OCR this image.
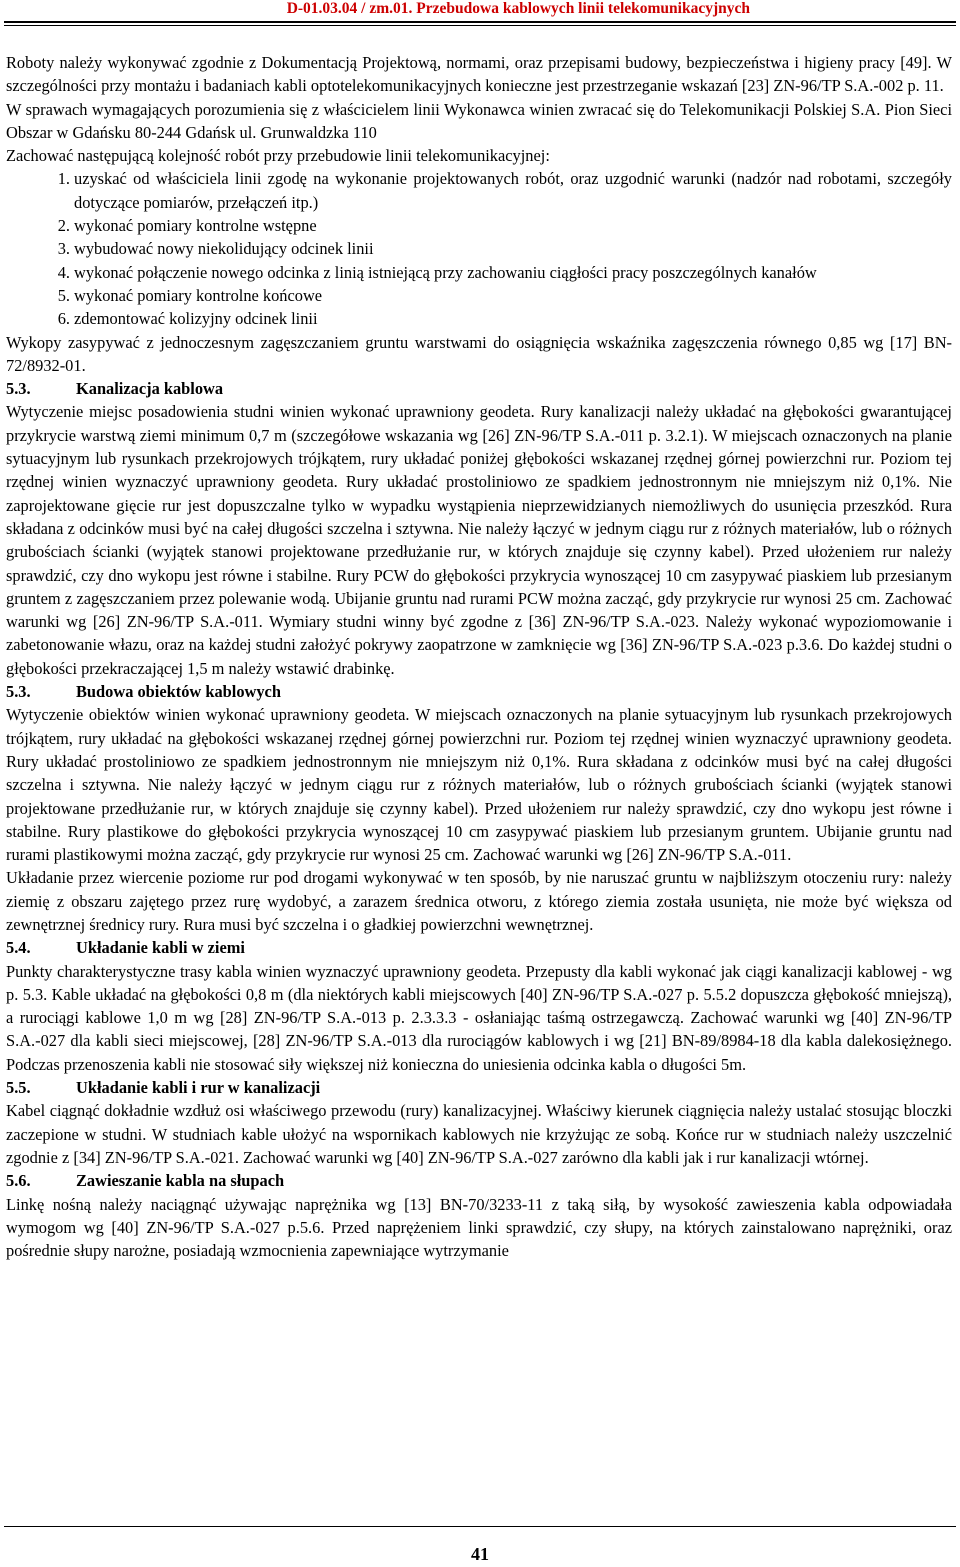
D-01.03.04 / zm.01. Przebudowa kablowych linii telekomunikacyjnych

Roboty należy wykonywać zgodnie z Dokumentacją Projektową, normami, oraz przepisami budowy, bezpieczeństwa i higieny pracy [49]. W szczególności przy montażu i badaniach kabli optotelekomunikacyjnych konieczne jest przestrzeganie wskazań [23] ZN-96/TP S.A.-002 p. 11.

W sprawach wymagających porozumienia się z właścicielem linii Wykonawca winien zwracać się do Telekomunikacji Polskiej S.A. Pion Sieci Obszar w Gdańsku 80-244 Gdańsk ul. Grunwaldzka 110

Zachować następującą kolejność robót przy przebudowie linii telekomunikacyjnej:

1. uzyskać od właściciela linii zgodę na wykonanie projektowanych robót, oraz uzgodnić warunki (nadzór nad robotami, szczegóły dotyczące pomiarów, przełączeń itp.)
2. wykonać pomiary kontrolne wstępne
3. wybudować nowy niekolidujący odcinek linii
4. wykonać połączenie nowego odcinka z linią istniejącą przy zachowaniu ciągłości pracy poszczególnych kanałów
5. wykonać pomiary kontrolne końcowe
6. zdemontować kolizyjny odcinek linii

Wykopy zasypywać z jednoczesnym zagęszczaniem gruntu warstwami do osiągnięcia wskaźnika zagęszczenia równego 0,85 wg [17] BN-72/8932-01.

5.3.	Kanalizacja kablowa

Wytyczenie miejsc posadowienia studni winien wykonać uprawniony geodeta. Rury kanalizacji należy układać na głębokości gwarantującej przykrycie warstwą ziemi minimum 0,7 m (szczegółowe wskazania wg [26] ZN-96/TP S.A.-011 p. 3.2.1). W miejscach oznaczonych na planie sytuacyjnym lub rysunkach przekrojowych trójkątem, rury układać poniżej głębokości wskazanej rzędnej górnej powierzchni rur. Poziom tej rzędnej winien wyznaczyć uprawniony geodeta. Rury układać prostoliniowo ze spadkiem jednostronnym nie mniejszym niż 0,1%. Nie zaprojektowane gięcie rur jest dopuszczalne tylko w wypadku wystąpienia nieprzewidzianych niemożliwych do usunięcia przeszkód. Rura składana z odcinków musi być na całej długości szczelna i sztywna. Nie należy łączyć w jednym ciągu rur z różnych materiałów, lub o różnych grubościach ścianki (wyjątek stanowi projektowane przedłużanie rur, w których znajduje się czynny kabel). Przed ułożeniem rur należy sprawdzić, czy dno wykopu jest równe i stabilne. Rury PCW do głębokości przykrycia wynoszącej 10 cm zasypywać piaskiem lub przesianym gruntem z zagęszczaniem przez polewanie wodą. Ubijanie gruntu nad rurami PCW można zacząć, gdy przykrycie rur wynosi 25 cm. Zachować warunki wg [26] ZN-96/TP S.A.-011. Wymiary studni winny być zgodne z [36] ZN-96/TP S.A.-023. Należy wykonać wypoziomowanie i zabetonowanie włazu, oraz na każdej studni założyć pokrywy zaopatrzone w zamknięcie wg [36] ZN-96/TP S.A.-023 p.3.6. Do każdej studni o głębokości przekraczającej 1,5 m należy wstawić drabinkę.

5.3.	Budowa obiektów kablowych

Wytyczenie obiektów winien wykonać uprawniony geodeta. W miejscach oznaczonych na planie sytuacyjnym lub rysunkach przekrojowych trójkątem, rury układać na głębokości wskazanej rzędnej górnej powierzchni rur. Poziom tej rzędnej winien wyznaczyć uprawniony geodeta. Rury układać prostoliniowo ze spadkiem jednostronnym nie mniejszym niż 0,1%. Rura składana z odcinków musi być na całej długości szczelna i sztywna. Nie należy łączyć w jednym ciągu rur z różnych materiałów, lub o różnych grubościach ścianki (wyjątek stanowi projektowane przedłużanie rur, w których znajduje się czynny kabel). Przed ułożeniem rur należy sprawdzić, czy dno wykopu jest równe i stabilne. Rury plastikowe do głębokości przykrycia wynoszącej 10 cm zasypywać piaskiem lub przesianym gruntem. Ubijanie gruntu nad rurami plastikowymi można zacząć, gdy przykrycie rur wynosi 25 cm. Zachować warunki wg [26] ZN-96/TP S.A.-011.

Układanie przez wiercenie poziome rur pod drogami wykonywać w ten sposób, by nie naruszać gruntu w najbliższym otoczeniu rury: należy ziemię z obszaru zajętego przez rurę wydobyć, a zarazem średnica otworu, z którego ziemia została usunięta, nie może być większa od zewnętrznej średnicy rury. Rura musi być szczelna i o gładkiej powierzchni wewnętrznej.

5.4.	Układanie kabli w ziemi

Punkty charakterystyczne trasy kabla winien wyznaczyć uprawniony geodeta. Przepusty dla kabli wykonać jak ciągi kanalizacji kablowej - wg p. 5.3. Kable układać na głębokości 0,8 m (dla niektórych kabli miejscowych [40] ZN-96/TP S.A.-027 p. 5.5.2 dopuszcza głębokość mniejszą), a rurociągi kablowe 1,0 m wg [28] ZN-96/TP S.A.-013 p. 2.3.3.3 - osłaniając taśmą ostrzegawczą. Zachować warunki wg [40] ZN-96/TP S.A.-027 dla kabli sieci miejscowej, [28] ZN-96/TP S.A.-013 dla rurociągów kablowych i wg [21] BN-89/8984-18 dla kabla dalekosiężnego. Podczas przenoszenia kabli nie stosować siły większej niż konieczna do uniesienia odcinka kabla o długości 5m.

5.5.	Układanie kabli i rur w kanalizacji

Kabel ciągnąć dokładnie wzdłuż osi właściwego przewodu (rury) kanalizacyjnej. Właściwy kierunek ciągnięcia należy ustalać stosując bloczki zaczepione w studni. W studniach kable ułożyć na wspornikach kablowych nie krzyżując ze sobą. Końce rur w studniach należy uszczelnić zgodnie z [34] ZN-96/TP S.A.-021. Zachować warunki wg [40] ZN-96/TP S.A.-027 zarówno dla kabli jak i rur kanalizacji wtórnej.

5.6.	Zawieszanie kabla na słupach

Linkę nośną należy naciągnąć używając naprężnika wg [13] BN-70/3233-11 z taką siłą, by wysokość zawieszenia kabla odpowiadała wymogom wg [40] ZN-96/TP S.A.-027 p.5.6. Przed naprężeniem linki sprawdzić, czy słupy, na których zainstalowano naprężniki, oraz pośrednie słupy narożne, posiadają wzmocnienia zapewniające wytrzymanie

41
